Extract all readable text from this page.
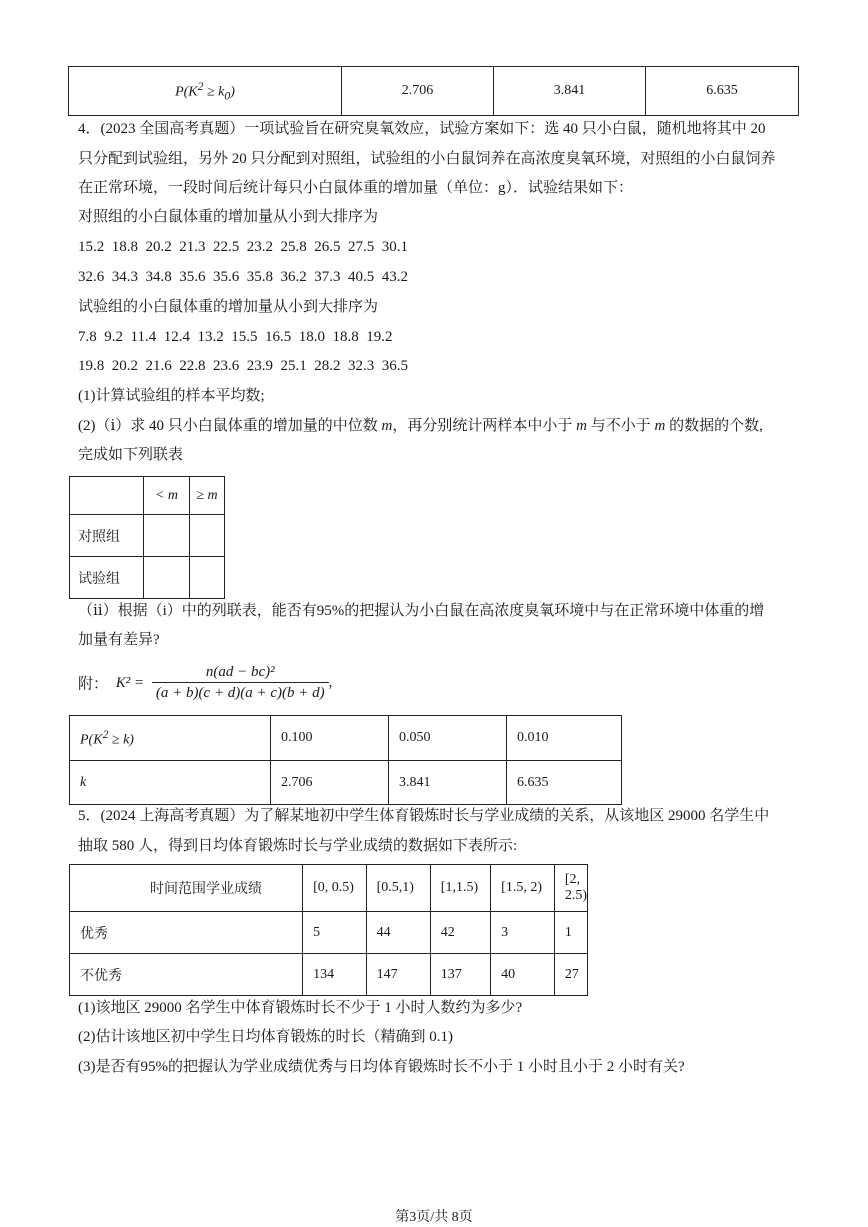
$P(K^2 \ge k_0)$	2.706	3.841	6.635
4．(2023 全国高考真题）一项试验旨在研究臭氧效应，试验方案如下：选 40 只小白鼠，随机地将其中 20
只分配到试验组，另外 20 只分配到对照组，试验组的小白鼠饲养在高浓度臭氧环境，对照组的小白鼠饲养
在正常环境，一段时间后统计每只小白鼠体重的增加量（单位：g）．试验结果如下：
对照组的小白鼠体重的增加量从小到大排序为
15.2  18.8  20.2  21.3  22.5  23.2  25.8  26.5  27.5  30.1
32.6  34.3  34.8  35.6  35.6  35.8  36.2  37.3  40.5  43.2
试验组的小白鼠体重的增加量从小到大排序为
7.8  9.2  11.4  12.4  13.2  15.5  16.5  18.0  18.8  19.2
19.8  20.2  21.6  22.8  23.6  23.9  25.1  28.2  32.3  36.5
(1)计算试验组的样本平均数;
(2)（ⅰ）求 40 只小白鼠体重的增加量的中位数 m，再分别统计两样本中小于 m 与不小于 m 的数据的个数,
完成如下列联表
	< m	≥ m
对照组		
试验组		
（ⅱ）根据（i）中的列联表，能否有95%的把握认为小白鼠在高浓度臭氧环境中与在正常环境中体重的增
加量有差异?
附： $K^2 = \frac{\text{n(ad − bc)²}}{(a + b)(c + d)(a + c)(b + d)}$ ,
$P(K^2 \ge k)$	0.100	0.050	0.010
k	2.706	3.841	6.635
5．(2024 上海高考真题）为了解某地初中学生体育锻炼时长与学业成绩的关系，从该地区 29000 名学生中
抽取 580 人，得到日均体育锻炼时长与学业成绩的数据如下表所示:
时间范围学业成绩	[0, 0.5)	[0.5,1)	[1,1.5)	[1.5, 2)	[2, 2.5)
优秀	5	44	42	3	1
不优秀	134	147	137	40	27
(1)该地区 29000 名学生中体育锻炼时长不少于 1 小时人数约为多少?
(2)估计该地区初中学生日均体育锻炼的时长（精确到 0.1)
(3)是否有95%的把握认为学业成绩优秀与日均体育锻炼时长不小于 1 小时且小于 2 小时有关?
第3页/共 8页
